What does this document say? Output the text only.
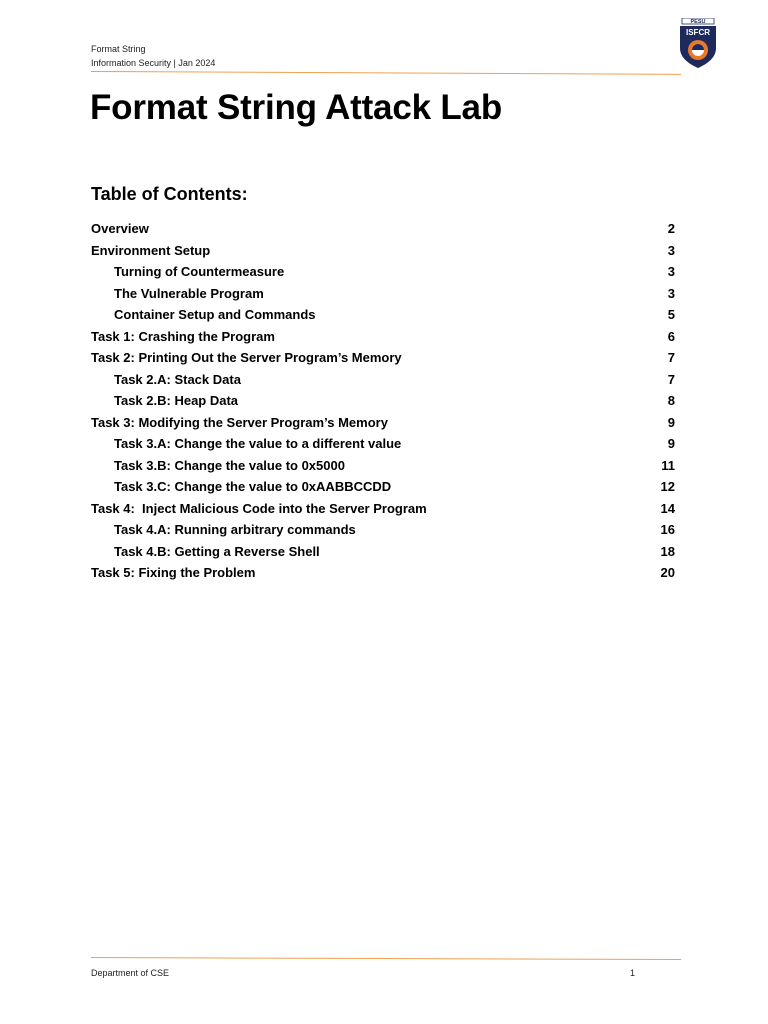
Format String
Information Security | Jan 2024
PESU
ISFCR
Format String Attack Lab
Table of Contents:
Overview	2
Environment Setup	3
Turning of Countermeasure	3
The Vulnerable Program	3
Container Setup and Commands	5
Task 1: Crashing the Program	6
Task 2: Printing Out the Server Program’s Memory	7
Task 2.A: Stack Data	7
Task 2.B: Heap Data	8
Task 3: Modifying the Server Program’s Memory	9
Task 3.A: Change the value to a different value	9
Task 3.B: Change the value to 0x5000	11
Task 3.C: Change the value to 0xAABBCCDD	12
Task 4:  Inject Malicious Code into the Server Program	14
Task 4.A: Running arbitrary commands	16
Task 4.B: Getting a Reverse Shell	18
Task 5: Fixing the Problem	20
Department of CSE	1
